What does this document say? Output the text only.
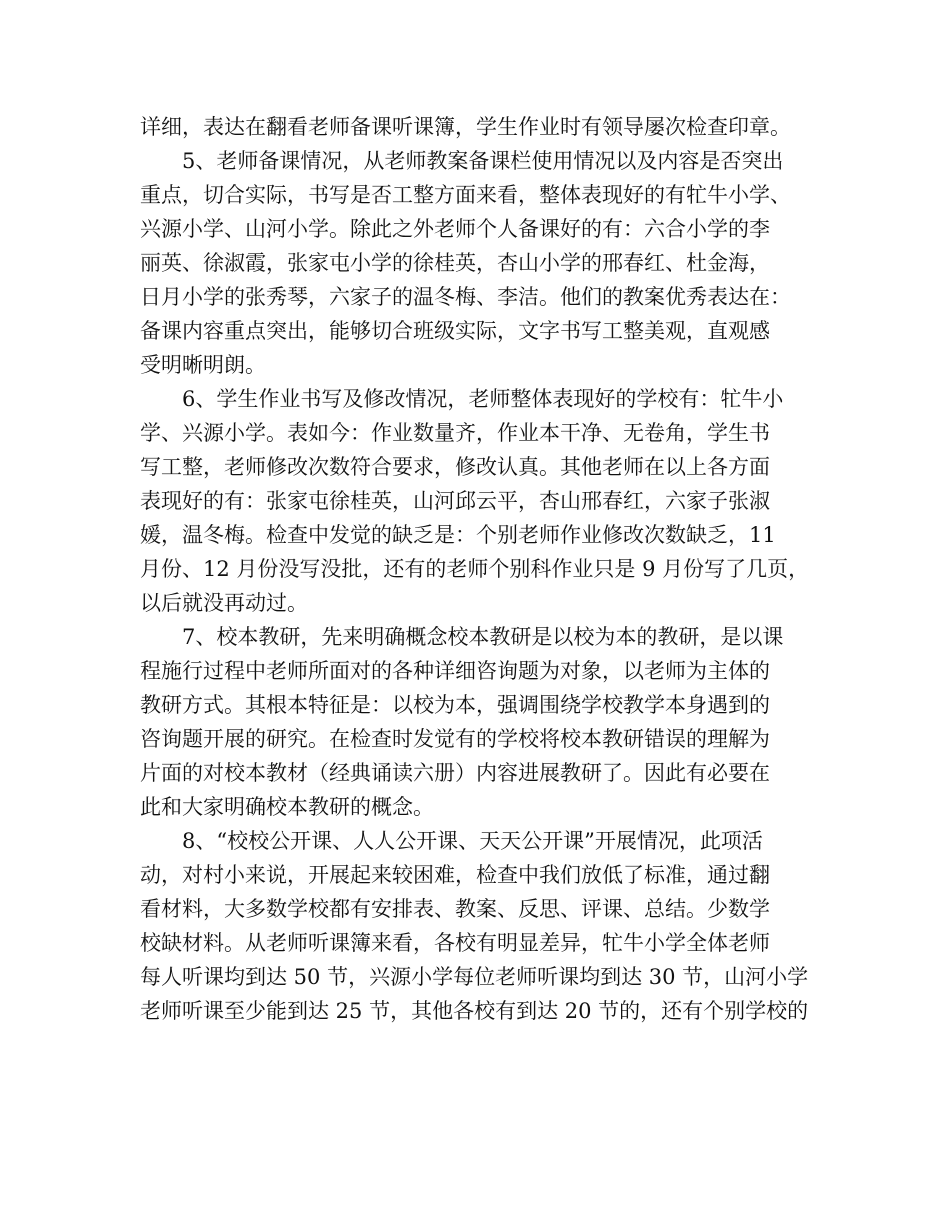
详细，表达在翻看老师备课听课簿，学生作业时有领导屡次检查印章。
　　5、老师备课情况，从老师教案备课栏使用情况以及内容是否突出
重点，切合实际，书写是否工整方面来看，整体表现好的有牤牛小学、
兴源小学、山河小学。除此之外老师个人备课好的有：六合小学的李
丽英、徐淑霞，张家屯小学的徐桂英，杏山小学的邢春红、杜金海，
日月小学的张秀琴，六家子的温冬梅、李洁。他们的教案优秀表达在：
备课内容重点突出，能够切合班级实际，文字书写工整美观，直观感
受明晰明朗。
　　6、学生作业书写及修改情况，老师整体表现好的学校有：牤牛小
学、兴源小学。表如今：作业数量齐，作业本干净、无卷角，学生书
写工整，老师修改次数符合要求，修改认真。其他老师在以上各方面
表现好的有：张家屯徐桂英，山河邱云平，杏山邢春红，六家子张淑
媛，温冬梅。检查中发觉的缺乏是：个别老师作业修改次数缺乏，11
月份、12 月份没写没批，还有的老师个别科作业只是 9 月份写了几页，
以后就没再动过。
　　7、校本教研，先来明确概念校本教研是以校为本的教研，是以课
程施行过程中老师所面对的各种详细咨询题为对象，以老师为主体的
教研方式。其根本特征是：以校为本，强调围绕学校教学本身遇到的
咨询题开展的研究。在检查时发觉有的学校将校本教研错误的理解为
片面的对校本教材（经典诵读六册）内容进展教研了。因此有必要在
此和大家明确校本教研的概念。
　　8、“校校公开课、人人公开课、天天公开课”开展情况，此项活
动，对村小来说，开展起来较困难，检查中我们放低了标准，通过翻
看材料，大多数学校都有安排表、教案、反思、评课、总结。少数学
校缺材料。从老师听课簿来看，各校有明显差异，牤牛小学全体老师
每人听课均到达 50 节，兴源小学每位老师听课均到达 30 节，山河小学
老师听课至少能到达 25 节，其他各校有到达 20 节的，还有个别学校的
